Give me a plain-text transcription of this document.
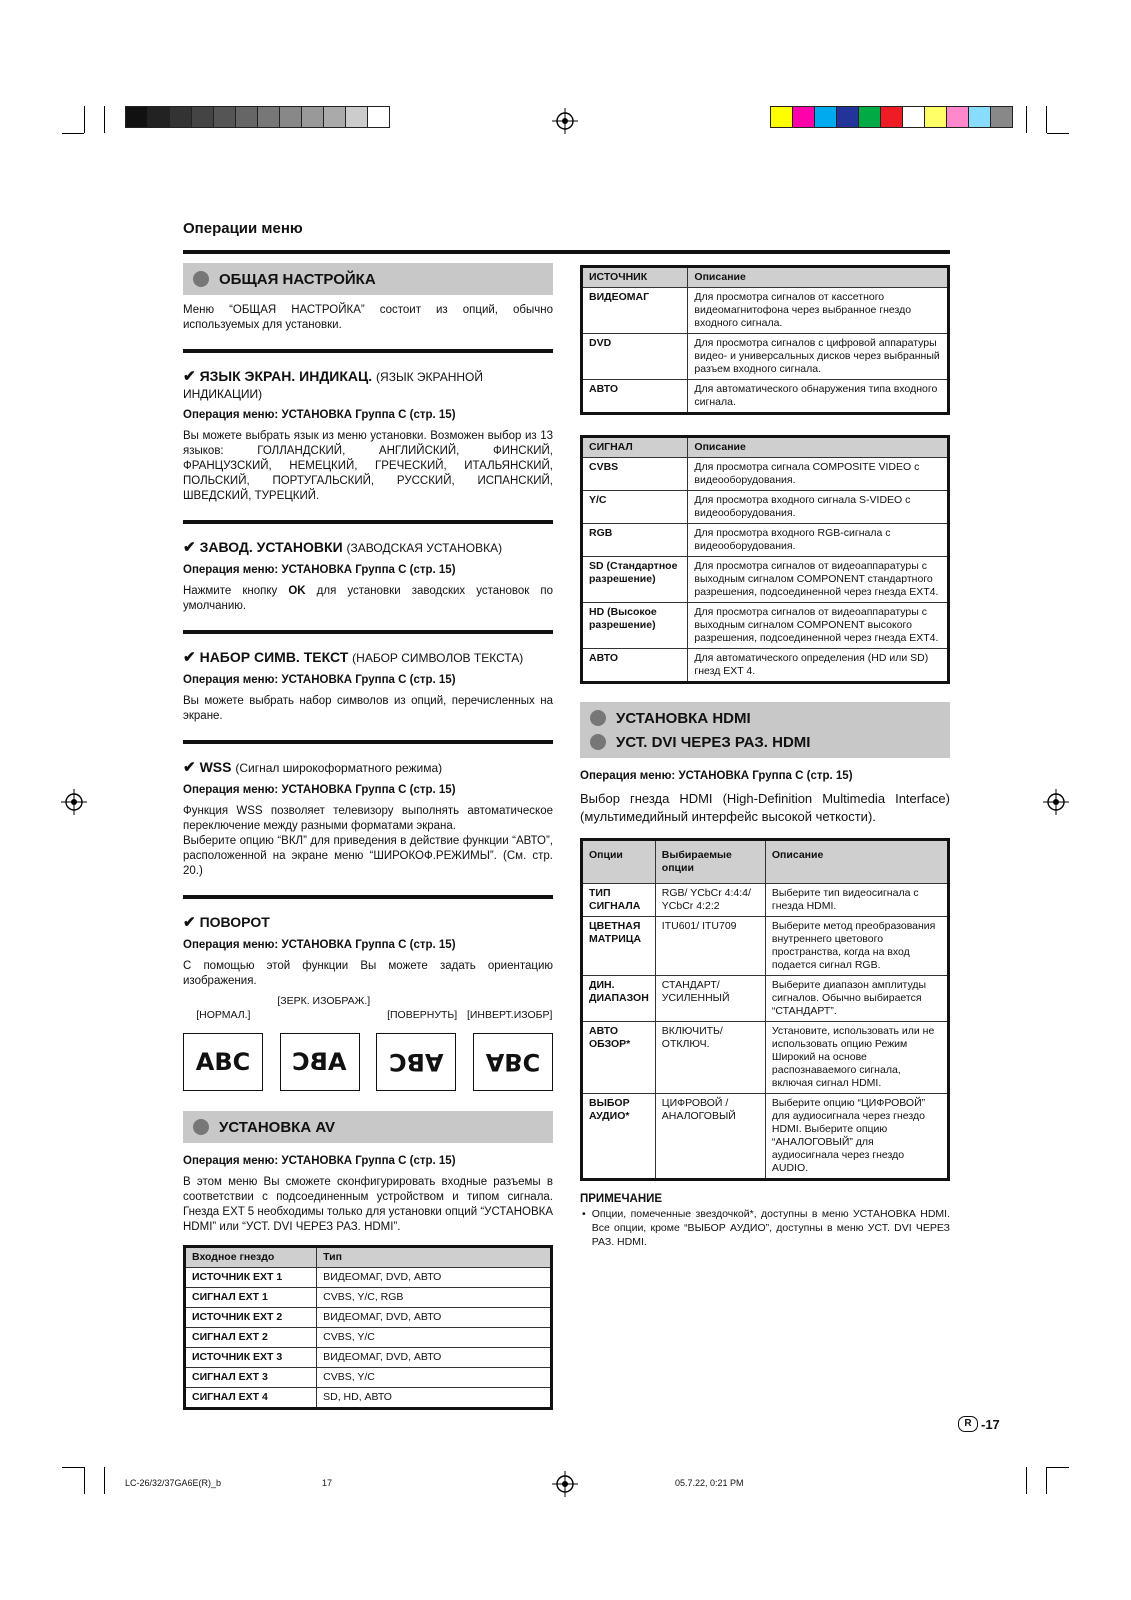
Операции меню
ОБЩАЯ НАСТРОЙКА

Меню “ОБЩАЯ НАСТРОЙКА” состоит из опций, обычно используемых для установки.

✔ ЯЗЫК ЭКРАН. ИНДИКАЦ. (ЯЗЫК ЭКРАННОЙ ИНДИКАЦИИ)
Операция меню: УСТАНОВКА Группа C (стр. 15)

Вы можете выбрать язык из меню установки. Возможен выбор из 13 языков: ГОЛЛАНДСКИЙ, АНГЛИЙСКИЙ, ФИНСКИЙ, ФРАНЦУЗСКИЙ, НЕМЕЦКИЙ, ГРЕЧЕСКИЙ, ИТАЛЬЯНСКИЙ, ПОЛЬСКИЙ, ПОРТУГАЛЬСКИЙ, РУССКИЙ, ИСПАНСКИЙ, ШВЕДСКИЙ, ТУРЕЦКИЙ.

✔ ЗАВОД. УСТАНОВКИ (ЗАВОДСКАЯ УСТАНОВКА)
Операция меню: УСТАНОВКА Группа C (стр. 15)

Нажмите кнопку OK для установки заводских установок по умолчанию.

✔ НАБОР СИМВ. ТЕКСТ (НАБОР СИМВОЛОВ ТЕКСТА)
Операция меню: УСТАНОВКА Группа C (стр. 15)

Вы можете выбрать набор символов из опций, перечисленных на экране.

✔ WSS (Сигнал широкоформатного режима)
Операция меню: УСТАНОВКА Группа C (стр. 15)

Функция WSS позволяет телевизору выполнять автоматическое переключение между разными форматами экрана.

Выберите опцию “ВКЛ” для приведения в действие функции “АВТО”, расположенной на экране меню “ШИРОКОФ.РЕЖИМЫ”. (См. стр. 20.)

✔ ПОВОРОТ
Операция меню: УСТАНОВКА Группа C (стр. 15)

С помощью этой функции Вы можете задать ориентацию изображения.

[НОРМАЛ.]
[ЗЕРК. ИЗОБРАЖ.]
[ПОВЕРНУТЬ] [ИНВЕРТ.ИЗОБР]
ABC ABC ABC ABC
УСТАНОВКА AV
Операция меню: УСТАНОВКА Группа C (стр. 15)

В этом меню Вы сможете сконфигурировать входные разъемы в соответствии с подсоединенным устройством и типом сигнала. Гнезда EXT 5 необходимы только для установки опций “УСТАНОВКА HDMI” или “УСТ. DVI ЧЕРЕЗ РАЗ. HDMI”.

Входное гнездо	Тип
ИСТОЧНИК EXT 1	ВИДЕОМАГ, DVD, АВТО
СИГНАЛ EXT 1	CVBS, Y/C, RGB
ИСТОЧНИК EXT 2	ВИДЕОМАГ, DVD, АВТО
СИГНАЛ EXT 2	CVBS, Y/C
ИСТОЧНИК EXT 3	ВИДЕОМАГ, DVD, АВТО
СИГНАЛ EXT 3	CVBS, Y/C
СИГНАЛ EXT 4	SD, HD, АВТО
ИСТОЧНИК	Описание
ВИДЕОМАГ	Для просмотра сигналов от кассетного видеомагнитофона через выбранное гнездо входного сигнала.
DVD	Для просмотра сигналов с цифровой аппаратуры видео- и универсальных дисков через выбранный разъем входного сигнала.
АВТО	Для автоматического обнаружения типа входного сигнала.
СИГНАЛ	Описание
CVBS	Для просмотра сигнала COMPOSITE VIDEO с видеооборудования.
Y/C	Для просмотра входного сигнала S-VIDEO с видеооборудования.
RGB	Для просмотра входного RGB-сигнала с видеооборудования.
SD (Стандартное разрешение)	Для просмотра сигналов от видеоаппаратуры с выходным сигналом COMPONENT стандартного разрешения, подсоединенной через гнезда EXT4.
HD (Высокое разрешение)	Для просмотра сигналов от видеоаппаратуры с выходным сигналом COMPONENT высокого разрешения, подсоединенной через гнезда EXT4.
АВТО	Для автоматического определения (HD или SD) гнезд EXT 4.
УСТАНОВКА HDMI
УСТ. DVI ЧЕРЕЗ РАЗ. HDMI
Операция меню: УСТАНОВКА Группа C (стр. 15)

Выбор гнезда HDMI (High-Definition Multimedia Interface) (мультимедийный интерфейс высокой четкости).

Опции	Выбираемые опции	Описание
ТИП СИГНАЛА	RGB/ YCbCr 4:4:4/ YCbCr 4:2:2	Выберите тип видеосигнала с гнезда HDMI.
ЦВЕТНАЯ МАТРИЦА	ITU601/ ITU709	Выберите метод преобразования внутреннего цветового пространства, когда на вход подается сигнал RGB.
ДИН. ДИАПАЗОН	СТАНДАРТ/ УСИЛЕННЫЙ	Выберите диапазон амплитуды сигналов. Обычно выбирается “СТАНДАРТ”.
АВТО ОБЗОР*	ВКЛЮЧИТЬ/ ОТКЛЮЧ.	Установите, использовать или не использовать опцию Режим Широкий на основе распознаваемого сигнала, включая сигнал HDMI.
ВЫБОР АУДИО*	ЦИФРОВОЙ / АНАЛОГОВЫЙ	Выберите опцию “ЦИФРОВОЙ” для аудиосигнала через гнездо HDMI. Выберите опцию “АНАЛОГОВЫЙ” для аудиосигнала через гнездо AUDIO.
ПРИМЕЧАНИЕ
• Опции, помеченные звездочкой*, доступны в меню УСТАНОВКА HDMI. Все опции, кроме “ВЫБОР АУДИО”, доступны в меню УСТ. DVI ЧЕРЕЗ РАЗ. HDMI.
R -17
LC-26/32/37GA6E(R)_b	17	05.7.22, 0:21 PM
